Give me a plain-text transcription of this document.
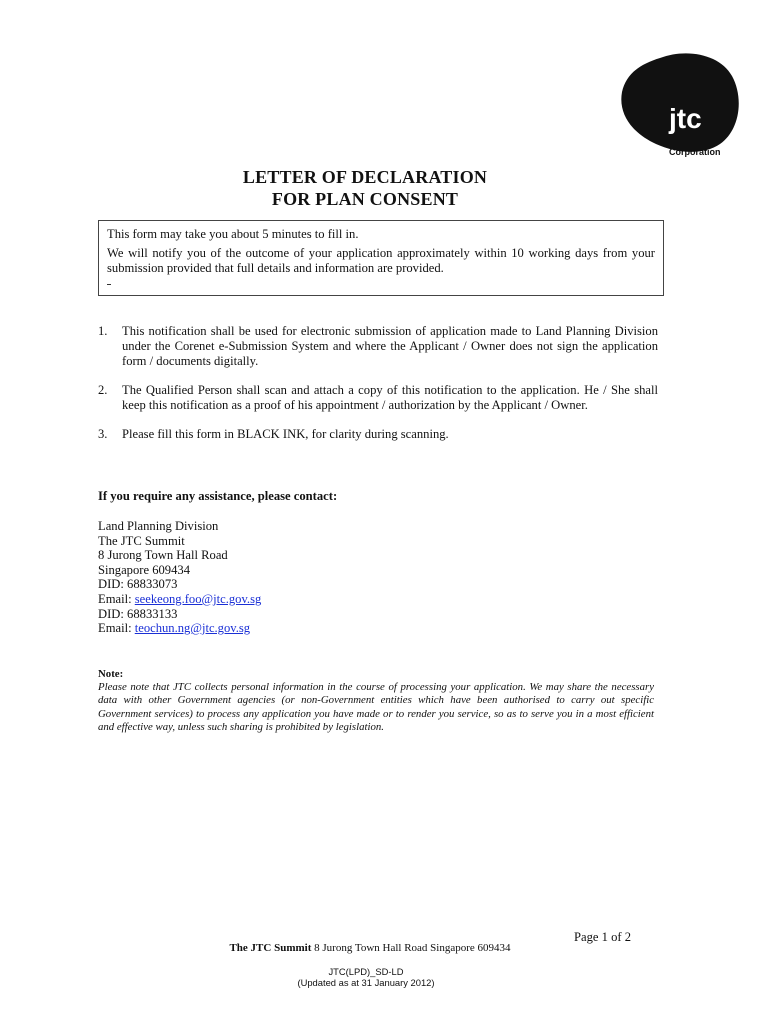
jtc
Corporation
LETTER OF DECLARATION
FOR PLAN CONSENT

This form may take you about 5 minutes to fill in.

We will notify you of the outcome of your application approximately within 10 working days from your submission provided that full details and information are provided.

1. This notification shall be used for electronic submission of application made to Land Planning Division under the Corenet e-Submission System and where the Applicant / Owner does not sign the application form / documents digitally.
2. The Qualified Person shall scan and attach a copy of this notification to the application. He / She shall keep this notification as a proof of his appointment / authorization by the Applicant / Owner.
3. Please fill this form in BLACK INK, for clarity during scanning.
If you require any assistance, please contact:
Land Planning Division
The JTC Summit
8 Jurong Town Hall Road
Singapore 609434
DID: 68833073
Email: seekeong.foo@jtc.gov.sg
DID: 68833133
Email: teochun.ng@jtc.gov.sg
Note:
Please note that JTC collects personal information in the course of processing your application. We may share the necessary data with other Government agencies (or non-Government entities which have been authorised to carry out specific Government services) to process any application you have made or to render you service, so as to serve you in a most efficient and effective way, unless such sharing is prohibited by legislation.
Page 1 of 2
The JTC Summit 8 Jurong Town Hall Road Singapore 609434
JTC(LPD)_SD-LD
(Updated as at 31 January 2012)
